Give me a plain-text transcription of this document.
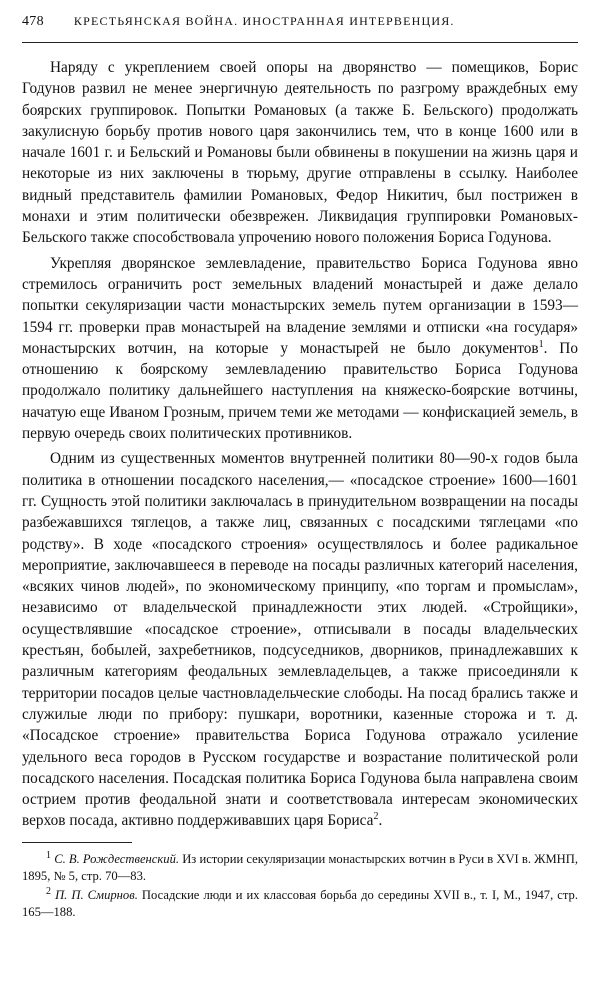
478	КРЕСТЬЯНСКАЯ ВОЙНА. ИНОСТРАННАЯ ИНТЕРВЕНЦИЯ.

Наряду с укреплением своей опоры на дворянство — помещиков, Борис Годунов развил не менее энергичную деятельность по разгрому враждебных ему боярских группировок. Попытки Романовых (а также Б. Бельского) продолжать закулисную борьбу против нового царя закончились тем, что в конце 1600 или в начале 1601 г. и Бельский и Романовы были обвинены в покушении на жизнь царя и некоторые из них заключены в тюрьму, другие отправлены в ссылку. Наиболее видный представитель фамилии Романовых, Федор Никитич, был пострижен в монахи и этим политически обезврежен. Ликвидация группировки Романовых-Бельского также способствовала упрочению нового положения Бориса Годунова.

Укрепляя дворянское землевладение, правительство Бориса Годунова явно стремилось ограничить рост земельных владений монастырей и даже делало попытки секуляризации части монастырских земель путем организации в 1593—1594 гг. проверки прав монастырей на владение землями и отписки «на государя» монастырских вотчин, на которые у монастырей не было документов$^1$. По отношению к боярскому землевладению правительство Бориса Годунова продолжало политику дальнейшего наступления на княжеско-боярские вотчины, начатую еще Иваном Грозным, причем теми же методами — конфискацией земель, в первую очередь своих политических противников.

Одним из существенных моментов внутренней политики 80—90-х годов была политика в отношении посадского населения,— «посадское строение» 1600—1601 гг. Сущность этой политики заключалась в принудительном возвращении на посады разбежавшихся тяглецов, а также лиц, связанных с посадскими тяглецами «по родству». В ходе «посадского строения» осуществлялось и более радикальное мероприятие, заключавшееся в переводе на посады различных категорий населения, «всяких чинов людей», по экономическому принципу, «по торгам и промыслам», независимо от владельческой принадлежности этих людей. «Стройщики», осуществлявшие «посадское строение», отписывали в посады владельческих крестьян, бобылей, захребетников, подсуседников, дворников, принадлежавших к различным категориям феодальных землевладельцев, а также присоединяли к территории посадов целые частновладельческие слободы. На посад брались также и служилые люди по прибору: пушкари, воротники, казенные сторожа и т. д. «Посадское строение» правительства Бориса Годунова отражало усиление удельного веса городов в Русском государстве и возрастание политической роли посадского населения. Посадская политика Бориса Годунова была направлена своим острием против феодальной знати и соответствовала интересам экономических верхов посада, активно поддерживавших царя Бориса$^2$.

$^1$ С. В. Рождественский. Из истории секуляризации монастырских вотчин в Руси в XVI в. ЖМНП, 1895, № 5, стр. 70—83.

$^2$ П. П. Смирнов. Посадские люди и их классовая борьба до середины XVII в., т. I, М., 1947, стр. 165—188.
